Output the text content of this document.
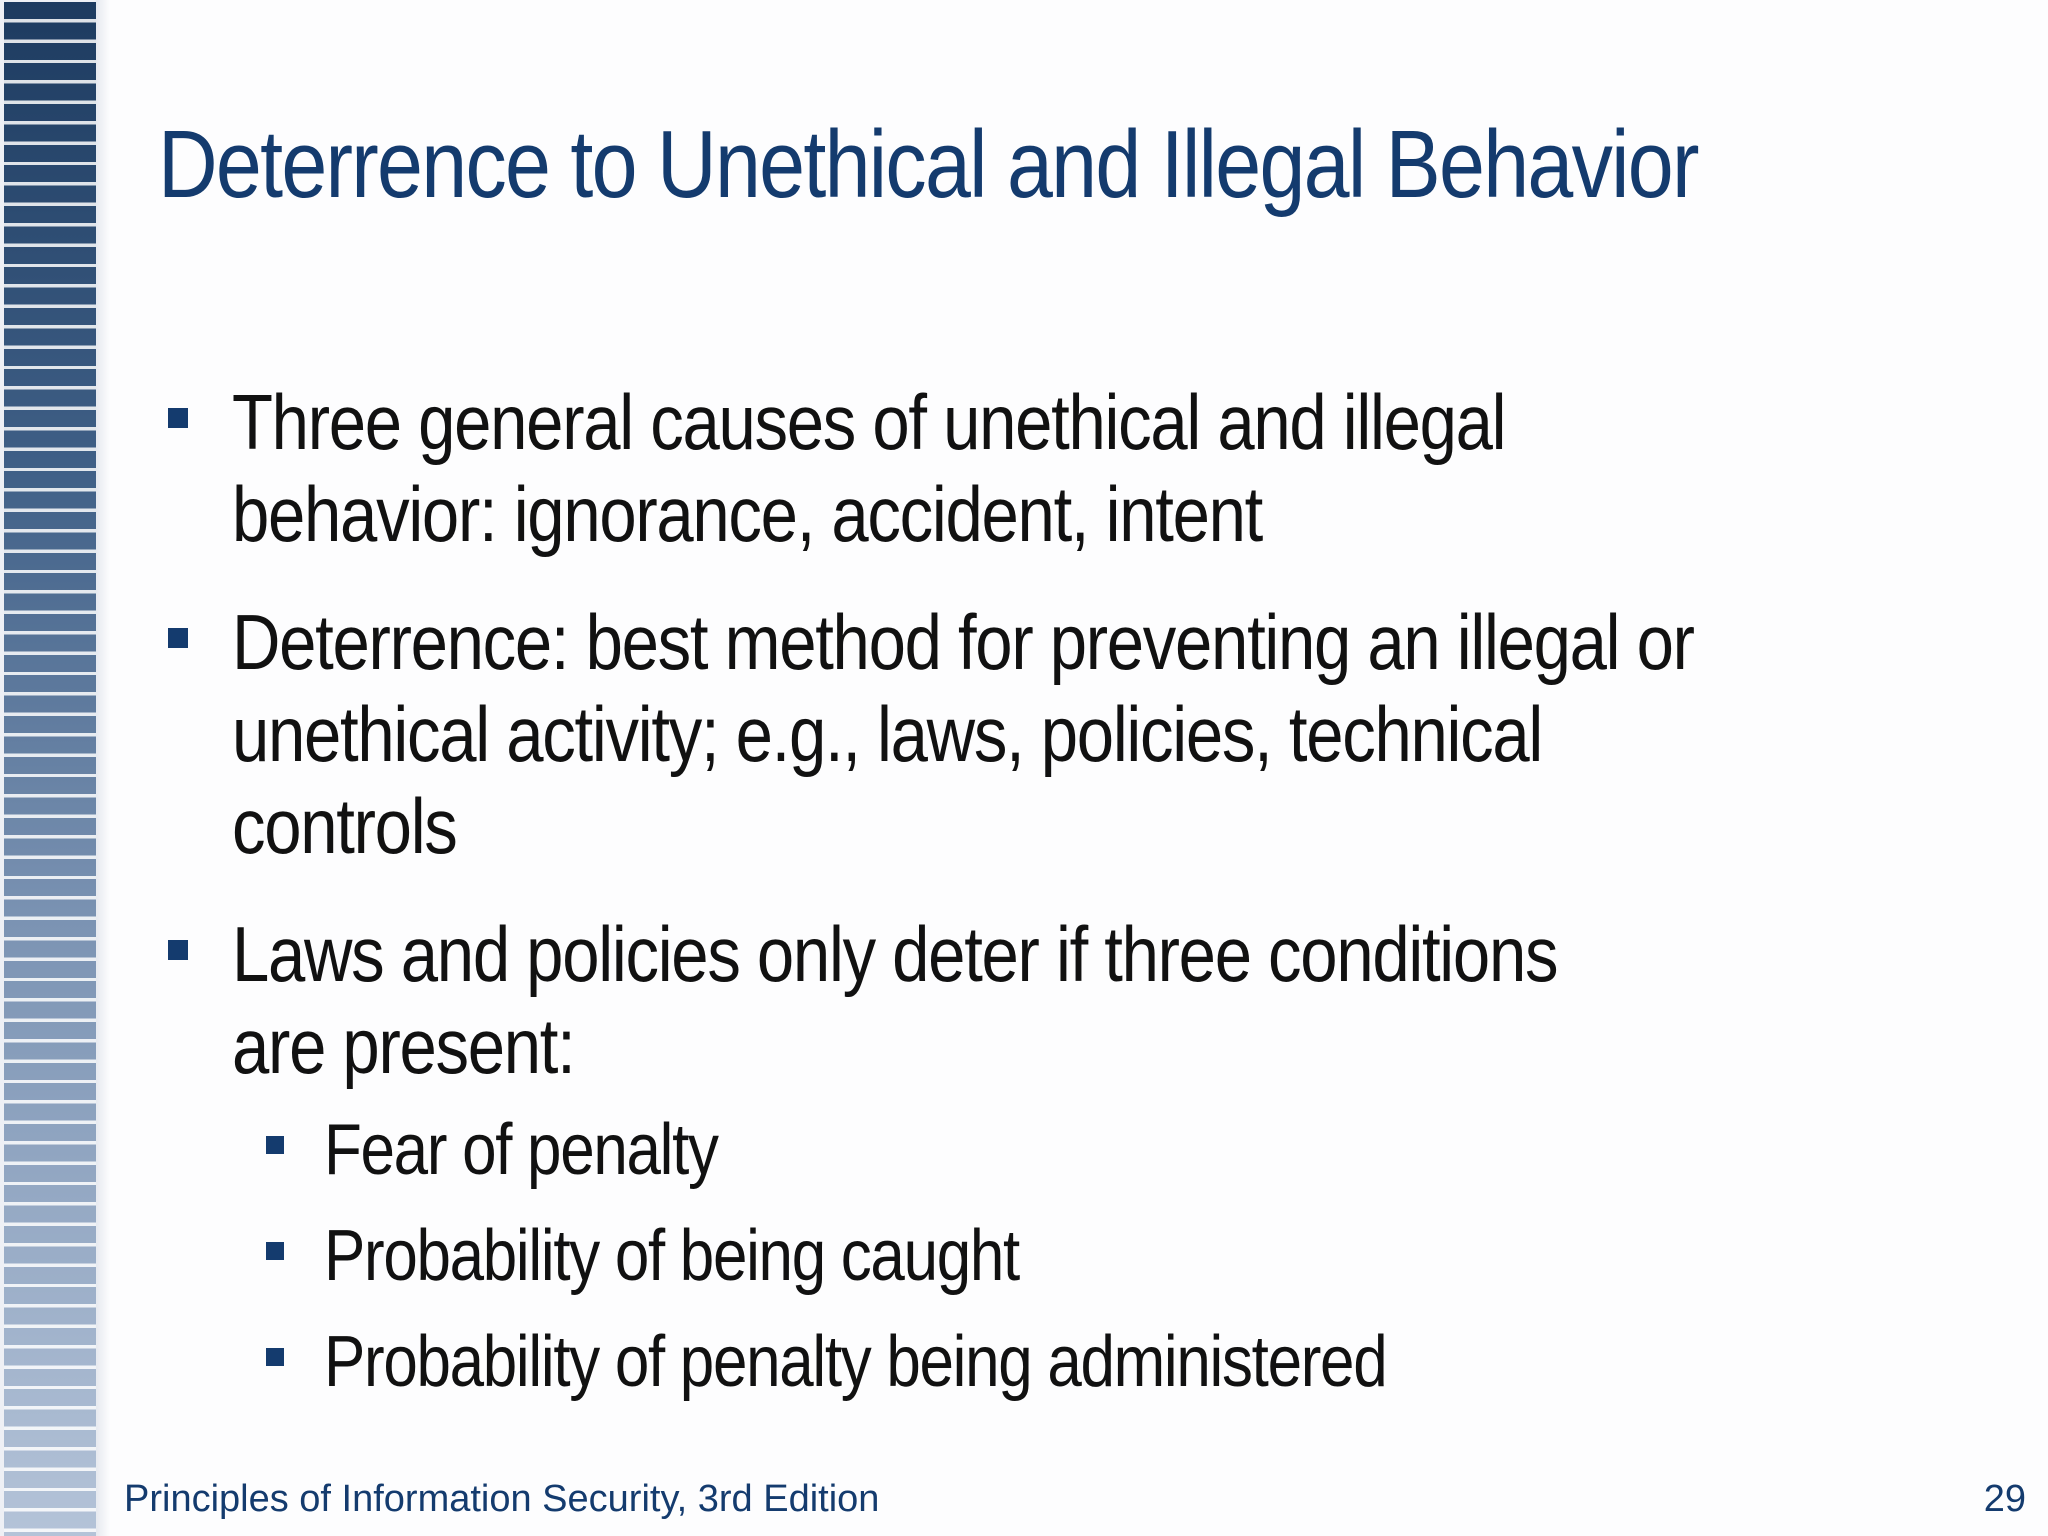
Deterrence to Unethical and Illegal Behavior
Three general causes of unethical and illegal behavior: ignorance, accident, intent
Deterrence: best method for preventing an illegal or unethical activity; e.g., laws, policies, technical controls
Laws and policies only deter if three conditions are present:
Fear of penalty
Probability of being caught
Probability of penalty being administered
Principles of Information Security, 3rd Edition	29
